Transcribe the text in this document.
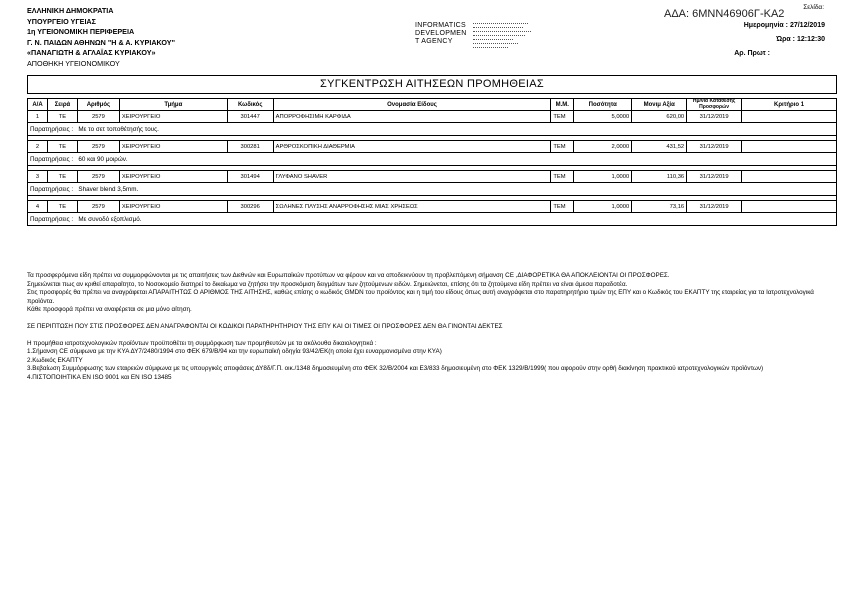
ΕΛΛΗΝΙΚΗ ΔΗΜΟΚΡΑΤΙΑ
ΥΠΟΥΡΓΕΙΟ ΥΓΕΙΑΣ
1η ΥΓΕΙΟΝΟΜΙΚΗ ΠΕΡΙΦΕΡΕΙΑ
Γ. Ν. ΠΑΙΔΩΝ ΑΘΗΝΩΝ "Η & Α. ΚΥΡΙΑΚΟΥ"
«ΠΑΝΑΓΙΩΤΗ & ΑΓΛΑΪΑΣ ΚΥΡΙΑΚΟΥ»
ΑΠΟΘΗΚΗ ΥΓΕΙΟΝΟΜΙΚΟΥ
INFORMATICS
DEVELOPMEN
T AGENCY
ΑΔΑ: 6ΜΝΝ46906Γ-ΚΑ2
Σελίδα:
Ημερομηνία : 27/12/2019
Ώρα : 12:12:30
Αρ. Πρωτ :
ΣΥΓΚΕΝΤΡΩΣΗ ΑΙΤΗΣΕΩΝ ΠΡΟΜΗΘΕΙΑΣ
Α/Α	Σειρά	Αριθμός	Τμήμα	Κωδικός	Ονομασία Είδους	Μ.Μ.	Ποσότητα	Μονιμ Αξία	Ημ/νια Κατάθεσης Προσφορών	Κριτήριο 1
1	ΤΕ	2579	ΧΕΙΡΟΥΡΓΕΙΟ	301447	ΑΠΟΡΡΟΦΗΣΙΜΗ ΚΑΡΦΙΔΑ	ΤΕΜ	5,0000	620,00	31/12/2019	
Παρατηρήσεις : Με το σετ τοποθέτησής τους.										

2	ΤΕ	2579	ΧΕΙΡΟΥΡΓΕΙΟ	300281	ΑΡΘΡΟΣΚΟΠΙΚΗ ΔΙΑΘΕΡΜΙΑ	ΤΕΜ	2,0000	431,52	31/12/2019	
Παρατηρήσεις : 60 και 90 μοιρών.										

3	ΤΕ	2579	ΧΕΙΡΟΥΡΓΕΙΟ	301494	ΓΛΥΦΑΝΟ SHAVER	ΤΕΜ	1,0000	110,36	31/12/2019	
Παρατηρήσεις : Shaver blend 3,5mm.										

4	ΤΕ	2579	ΧΕΙΡΟΥΡΓΕΙΟ	300296	ΣΩΛΗΝΕΣ ΠΛΥΣΗΣ ΑΝΑΡΡΟΦΗΣΗΣ ΜΙΑΣ ΧΡΗΣΕΩΣ	ΤΕΜ	1,0000	73,16	31/12/2019	
Παρατηρήσεις : Με συνοδό εξοπλισμό.										

Τα προσφερόμενα είδη πρέπει να συμμορφώνονται με τις απαιτήσεις των Διεθνών και Ευρωπαϊκών προτύπων να φέρουν και να αποδεικνύουν τη προβλεπόμενη σήμανση CE ,ΔΙΑΦΟΡΕΤΙΚΑ ΘΑ ΑΠΟΚΛΕΙΟΝΤΑΙ ΟΙ ΠΡΟΣΦΟΡΕΣ.

Σημειώνεται πως αν κριθεί απαραίτητο, το Νοσοκομείο διατηρεί το δικαίωμα να ζητήσει την προσκόμιση δειγμάτων των ζητούμενων ειδών. Σημειώνεται, επίσης ότι τα ζητούμενα είδη πρέπει να είναι άμεσα παραδοτέα.

Στις προσφορές θα πρέπει να αναγράφεται ΑΠΑΡΑΙΤΗΤΩΣ Ο ΑΡΙΘΜΟΣ ΤΗΣ ΑΙΤΗΣΗΣ, καθώς επίσης ο κωδικός GMDN του προϊόντος και η τιμή του είδους όπως αυτή αναγράφεται στο παρατηρητήριο τιμών της ΕΠΥ και ο Κωδικός του ΕΚΑΠΤΥ της εταιρείας για τα Ιατροτεχνολογικά προϊόντα.

Κάθε προσφορά πρέπει να αναφέρεται σε μια μόνο αίτηση.

ΣΕ ΠΕΡΙΠΤΩΣΗ ΠΟΥ ΣΤΙΣ ΠΡΟΣΦΟΡΕΣ ΔΕΝ ΑΝΑΓΡΑΦΟΝΤΑΙ ΟΙ ΚΩΔΙΚΟΙ ΠΑΡΑΤΗΡΗΤΗΡΙΟΥ ΤΗΣ ΕΠΥ ΚΑΙ ΟΙ ΤΙΜΕΣ ΟΙ ΠΡΟΣΦΟΡΕΣ ΔΕΝ ΘΑ ΓΙΝΟΝΤΑΙ ΔΕΚΤΕΣ

Η προμήθεια ιατροτεχνολογικών προϊόντων προϋποθέτει τη συμμόρφωση των προμηθευτών με τα ακόλουθα δικαιολογητικά :

1.Σήμανση CE σύμφωνα με την ΚΥΑ ΔΥ7/2480/1994 στο ΦΕΚ 679/Β/94 και την ευρωπαϊκή οδηγία 93/42/ΕΚ(η οποία έχει ευναρμονισμένα στην ΚΥΑ)

2.Κωδικός ΕΚΑΠΤΥ

3.Βεβαίωση Συμμόρφωσης των εταιρειών σύμφωνα με τις υπουργικές αποφάσεις ΔΥ8δ/Γ.Π. οικ./1348 δημοσιευμένη στο ΦΕΚ 32/Β/2004 και Ε3/833 δημοσιευμένη στο ΦΕΚ 1329/Β/1999( που αφορούν στην ορθή διακίνηση πρακτικού ιατροτεχνολογικών προϊόντων)

4.ΠΙΣΤΟΠΟΙΗΤΙΚΑ EN ISO 9001 και EN ISO 13485
